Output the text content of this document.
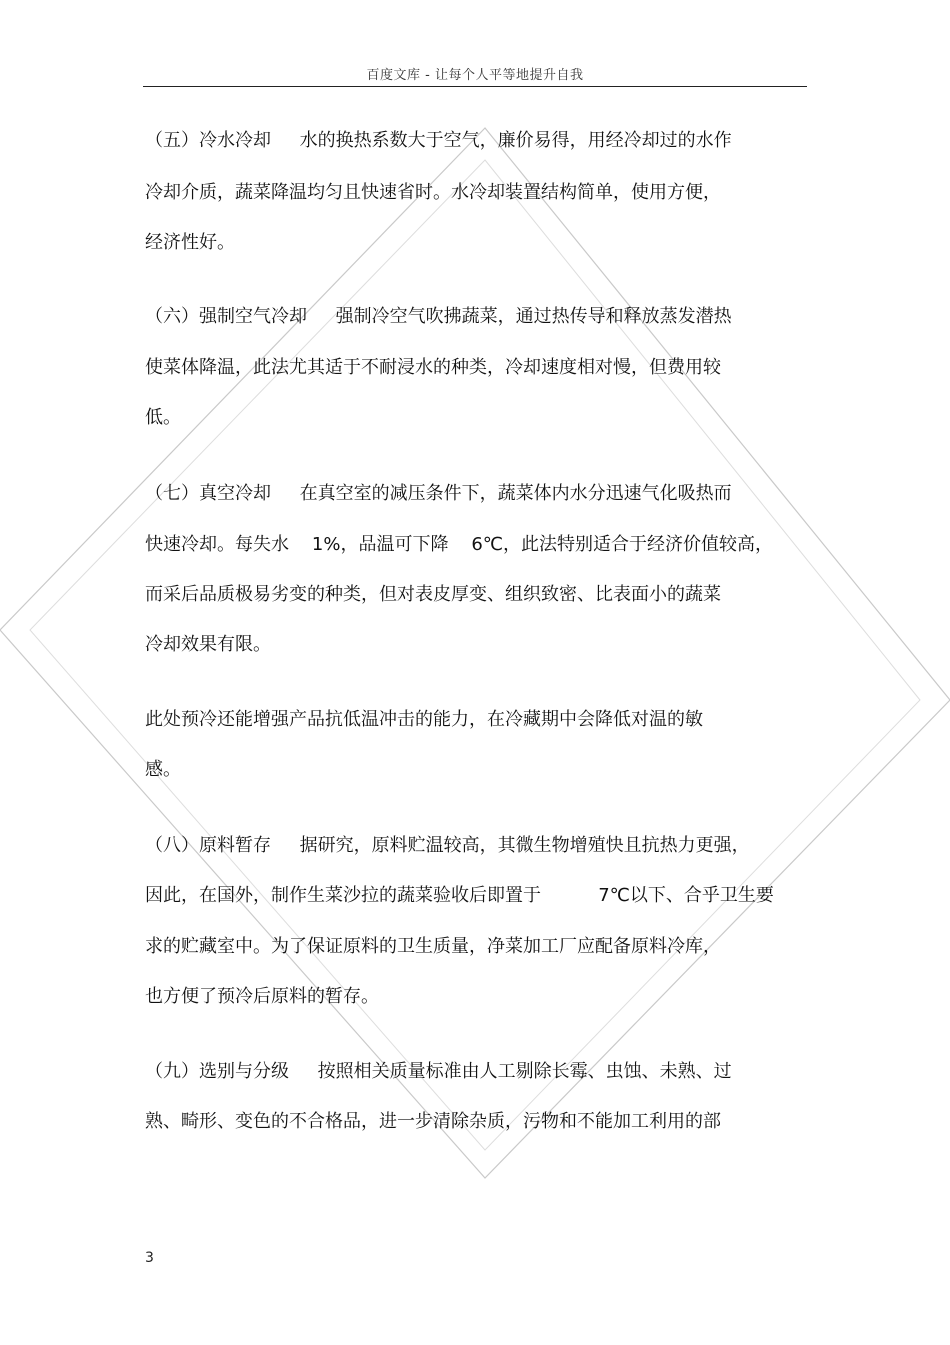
百度文库 - 让每个人平等地提升自我
（五）冷水冷却     水的换热系数大于空气，廉价易得，用经冷却过的水作
冷却介质，蔬菜降温均匀且快速省时。水冷却装置结构简单，使用方便，
经济性好。
（六）强制空气冷却     强制冷空气吹拂蔬菜，通过热传导和释放蒸发潜热
使菜体降温，此法尤其适于不耐浸水的种类，冷却速度相对慢，但费用较
低。
（七）真空冷却     在真空室的减压条件下，蔬菜体内水分迅速气化吸热而
快速冷却。每失水    1%，品温可下降    6℃，此法特别适合于经济价值较高，
而采后品质极易劣变的种类，但对表皮厚变、组织致密、比表面小的蔬菜
冷却效果有限。
此处预冷还能增强产品抗低温冲击的能力，在冷藏期中会降低对温的敏
感。
（八）原料暂存     据研究，原料贮温较高，其微生物增殖快且抗热力更强，
因此，在国外，制作生菜沙拉的蔬菜验收后即置于          7℃以下、合乎卫生要
求的贮藏室中。为了保证原料的卫生质量，净菜加工厂应配备原料冷库，
也方便了预冷后原料的暂存。
（九）选别与分级     按照相关质量标准由人工剔除长霉、虫蚀、未熟、过
熟、畸形、变色的不合格品，进一步清除杂质，污物和不能加工利用的部
3
